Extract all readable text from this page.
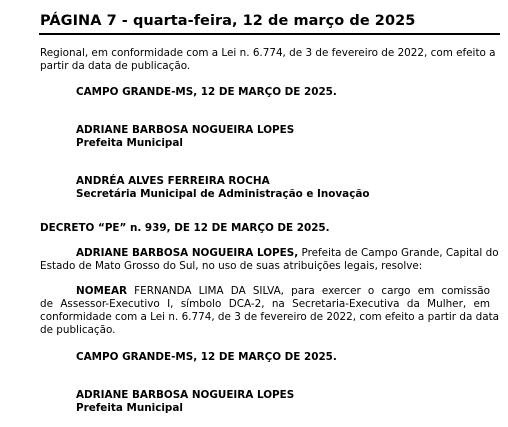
PÁGINA 7 - quarta-feira, 12 de março de 2025
Regional, em conformidade com a Lei n. 6.774, de 3 de fevereiro de 2022, com efeito a
partir da data de publicação.

CAMPO GRANDE-MS, 12 DE MARÇO DE 2025.

ADRIANE BARBOSA NOGUEIRA LOPES

Prefeita Municipal

ANDRÉA ALVES FERREIRA ROCHA

Secretária Municipal de Administração e Inovação

DECRETO “PE” n. 939, DE 12 DE MARÇO DE 2025.

ADRIANE BARBOSA NOGUEIRA LOPES, Prefeita de Campo Grande, Capital do
Estado de Mato Grosso do Sul, no uso de suas atribuições legais, resolve:
NOMEAR FERNANDA LIMA DA SILVA, para exercer o cargo em comissão
de Assessor-Executivo I, símbolo DCA-2, na Secretaria-Executiva da Mulher, em
conformidade com a Lei n. 6.774, de 3 de fevereiro de 2022, com efeito a partir da data
de publicação.

CAMPO GRANDE-MS, 12 DE MARÇO DE 2025.

ADRIANE BARBOSA NOGUEIRA LOPES

Prefeita Municipal
